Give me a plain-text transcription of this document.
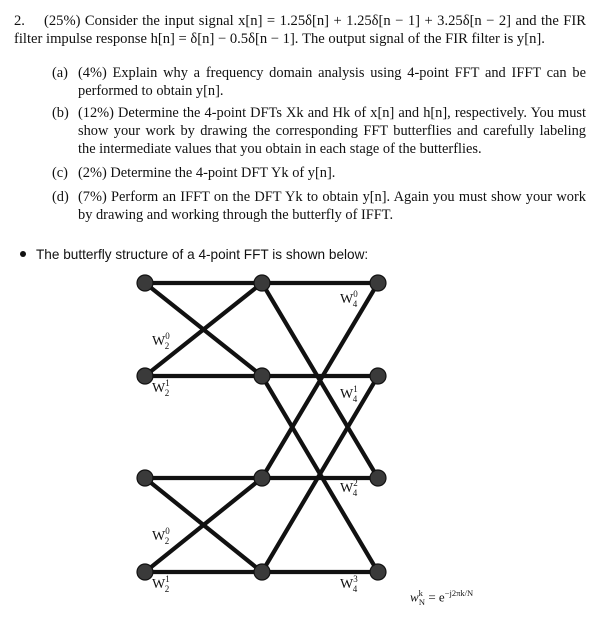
2. (25%) Consider the input signal x[n] = 1.25δ[n] + 1.25δ[n − 1] + 3.25δ[n − 2] and the FIR filter impulse response h[n] = δ[n] − 0.5δ[n − 1]. The output signal of the FIR filter is y[n].
(a) (4%) Explain why a frequency domain analysis using 4-point FFT and IFFT can be performed to obtain y[n].
(b) (12%) Determine the 4-point DFTs Xk and Hk of x[n] and h[n], respectively. You must show your work by drawing the corresponding FFT butterflies and carefully labeling the intermediate values that you obtain in each stage of the butterflies.
(c) (2%) Determine the 4-point DFT Yk of y[n].
(d) (7%) Perform an IFFT on the DFT Yk to obtain y[n]. Again you must show your work by drawing and working through the butterfly of IFFT.
The butterfly structure of a 4-point FFT is shown below:
$W^0$ 2
$W^1$ 2
$W^0$ 2
$W^1$ 2
$W^0$ 4
$W^1$ 4
$W^2$ 4
$W^3$ 4
$w^k_N = e^{-j2\pi k/N}$
